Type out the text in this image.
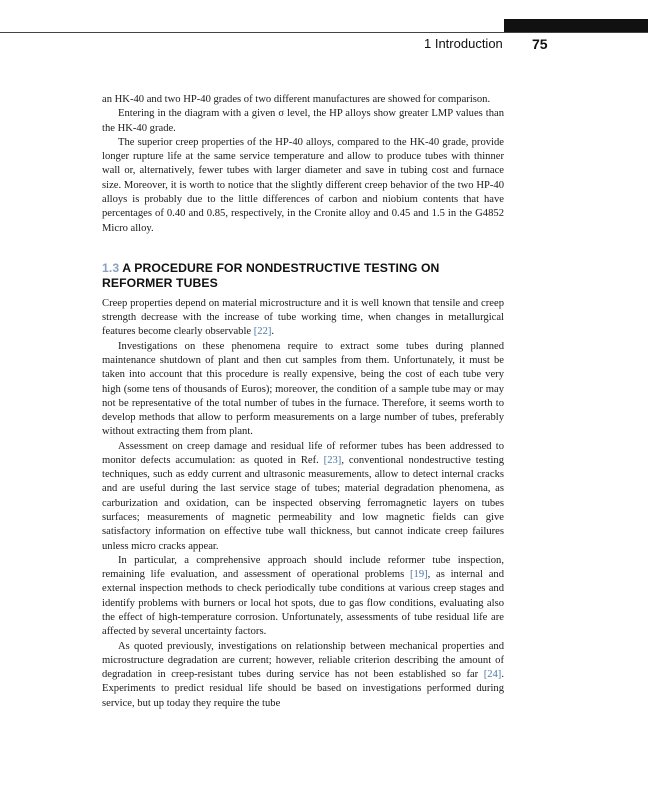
1 Introduction 75

an HK-40 and two HP-40 grades of two different manufactures are showed for comparison.

Entering in the diagram with a given σ level, the HP alloys show greater LMP values than the HK-40 grade.

The superior creep properties of the HP-40 alloys, compared to the HK-40 grade, provide longer rupture life at the same service temperature and allow to produce tubes with thinner wall or, alternatively, fewer tubes with larger diameter and save in tubing cost and furnace size. Moreover, it is worth to notice that the slightly different creep behavior of the two HP-40 alloys is probably due to the little differences of carbon and niobium contents that have percentages of 0.40 and 0.85, respectively, in the Cronite alloy and 0.45 and 1.5 in the G4852 Micro alloy.

1.3 A PROCEDURE FOR NONDESTRUCTIVE TESTING ON REFORMER TUBES

Creep properties depend on material microstructure and it is well known that tensile and creep strength decrease with the increase of tube working time, when changes in metallurgical features become clearly observable [22].

Investigations on these phenomena require to extract some tubes during planned maintenance shutdown of plant and then cut samples from them. Unfortunately, it must be taken into account that this procedure is really expensive, being the cost of each tube very high (some tens of thousands of Euros); moreover, the condition of a sample tube may or may not be representative of the total number of tubes in the furnace. Therefore, it seems worth to develop methods that allow to perform measurements on a large number of tubes, preferably without extracting them from plant.

Assessment on creep damage and residual life of reformer tubes has been addressed to monitor defects accumulation: as quoted in Ref. [23], conventional nondestructive testing techniques, such as eddy current and ultrasonic measurements, allow to detect internal cracks and are useful during the last service stage of tubes; material degradation phenomena, as carburization and oxidation, can be inspected observing ferromagnetic layers on tubes surfaces; measurements of magnetic permeability and low magnetic fields can give satisfactory information on effective tube wall thickness, but cannot indicate creep failures unless micro cracks appear.

In particular, a comprehensive approach should include reformer tube inspection, remaining life evaluation, and assessment of operational problems [19], as internal and external inspection methods to check periodically tube conditions at various creep stages and identify problems with burners or local hot spots, due to gas flow conditions, evaluating also the effect of high-temperature corrosion. Unfortunately, assessments of tube residual life are affected by several uncertainty factors.

As quoted previously, investigations on relationship between mechanical properties and microstructure degradation are current; however, reliable criterion describing the amount of degradation in creep-resistant tubes during service has not been established so far [24]. Experiments to predict residual life should be based on investigations performed during service, but up today they require the tube
